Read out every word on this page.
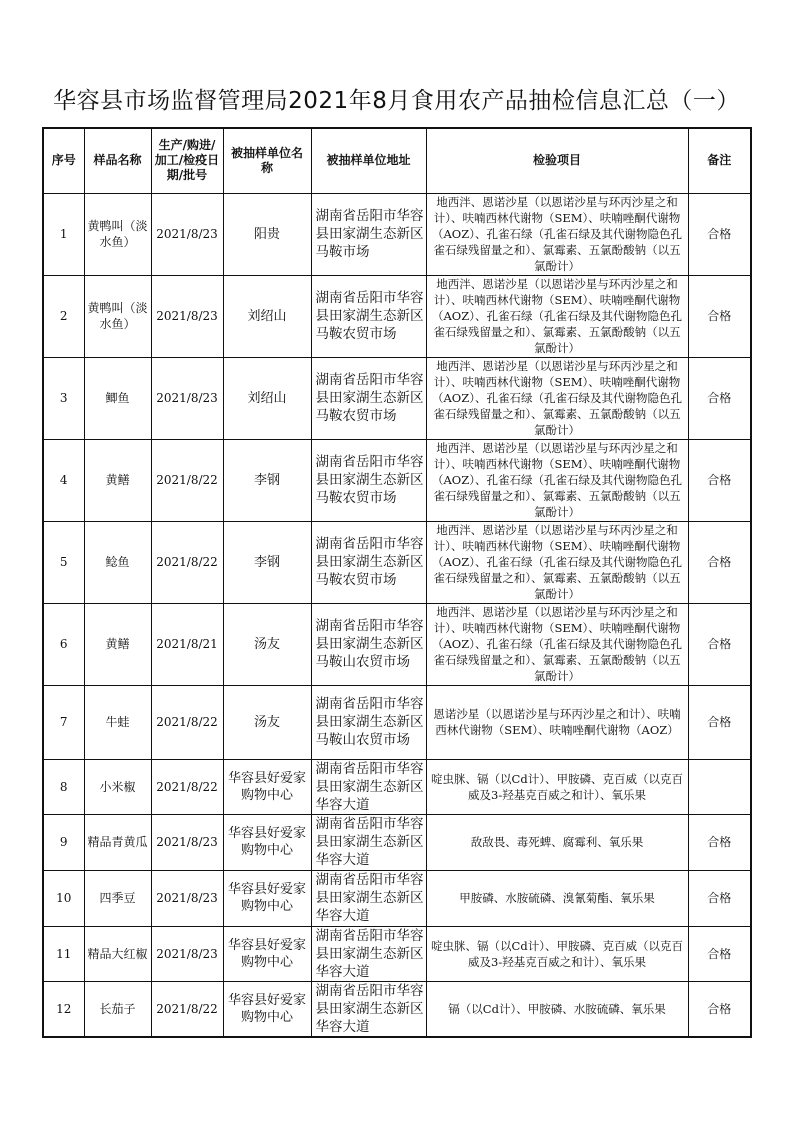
华容县市场监督管理局2021年8月食用农产品抽检信息汇总（一）
序号	样品名称	生产/购进/加工/检疫日期/批号	被抽样单位名称	被抽样单位地址	检验项目	备注
1	黄鸭叫（淡水鱼）	2021/8/23	阳贵	湖南省岳阳市华容县田家湖生态新区马鞍市场	地西泮、恩诺沙星（以恩诺沙星与环丙沙星之和计）、呋喃西林代谢物（SEM）、呋喃唑酮代谢物（AOZ）、孔雀石绿（孔雀石绿及其代谢物隐色孔雀石绿残留量之和）、氯霉素、五氯酚酸钠（以五氯酚计）	合格
2	黄鸭叫（淡水鱼）	2021/8/23	刘绍山	湖南省岳阳市华容县田家湖生态新区马鞍农贸市场	地西泮、恩诺沙星（以恩诺沙星与环丙沙星之和计）、呋喃西林代谢物（SEM）、呋喃唑酮代谢物（AOZ）、孔雀石绿（孔雀石绿及其代谢物隐色孔雀石绿残留量之和）、氯霉素、五氯酚酸钠（以五氯酚计）	合格
3	鲫鱼	2021/8/23	刘绍山	湖南省岳阳市华容县田家湖生态新区马鞍农贸市场	地西泮、恩诺沙星（以恩诺沙星与环丙沙星之和计）、呋喃西林代谢物（SEM）、呋喃唑酮代谢物（AOZ）、孔雀石绿（孔雀石绿及其代谢物隐色孔雀石绿残留量之和）、氯霉素、五氯酚酸钠（以五氯酚计）	合格
4	黄鳝	2021/8/22	李钢	湖南省岳阳市华容县田家湖生态新区马鞍农贸市场	地西泮、恩诺沙星（以恩诺沙星与环丙沙星之和计）、呋喃西林代谢物（SEM）、呋喃唑酮代谢物（AOZ）、孔雀石绿（孔雀石绿及其代谢物隐色孔雀石绿残留量之和）、氯霉素、五氯酚酸钠（以五氯酚计）	合格
5	鲶鱼	2021/8/22	李钢	湖南省岳阳市华容县田家湖生态新区马鞍农贸市场	地西泮、恩诺沙星（以恩诺沙星与环丙沙星之和计）、呋喃西林代谢物（SEM）、呋喃唑酮代谢物（AOZ）、孔雀石绿（孔雀石绿及其代谢物隐色孔雀石绿残留量之和）、氯霉素、五氯酚酸钠（以五氯酚计）	合格
6	黄鳝	2021/8/21	汤友	湖南省岳阳市华容县田家湖生态新区马鞍山农贸市场	地西泮、恩诺沙星（以恩诺沙星与环丙沙星之和计）、呋喃西林代谢物（SEM）、呋喃唑酮代谢物（AOZ）、孔雀石绿（孔雀石绿及其代谢物隐色孔雀石绿残留量之和）、氯霉素、五氯酚酸钠（以五氯酚计）	合格
7	牛蛙	2021/8/22	汤友	湖南省岳阳市华容县田家湖生态新区马鞍山农贸市场	恩诺沙星（以恩诺沙星与环丙沙星之和计）、呋喃西林代谢物（SEM）、呋喃唑酮代谢物（AOZ）	合格
8	小米椒	2021/8/22	华容县好爱家购物中心	湖南省岳阳市华容县田家湖生态新区华容大道	啶虫脒、镉（以Cd计）、甲胺磷、克百威（以克百威及3-羟基克百威之和计）、氧乐果	
9	精品青黄瓜	2021/8/23	华容县好爱家购物中心	湖南省岳阳市华容县田家湖生态新区华容大道	敌敌畏、毒死蜱、腐霉利、氧乐果	合格
10	四季豆	2021/8/23	华容县好爱家购物中心	湖南省岳阳市华容县田家湖生态新区华容大道	甲胺磷、水胺硫磷、溴氰菊酯、氧乐果	合格
11	精品大红椒	2021/8/23	华容县好爱家购物中心	湖南省岳阳市华容县田家湖生态新区华容大道	啶虫脒、镉（以Cd计）、甲胺磷、克百威（以克百威及3-羟基克百威之和计）、氧乐果	合格
12	长茄子	2021/8/22	华容县好爱家购物中心	湖南省岳阳市华容县田家湖生态新区华容大道	镉（以Cd计）、甲胺磷、水胺硫磷、氧乐果	合格
